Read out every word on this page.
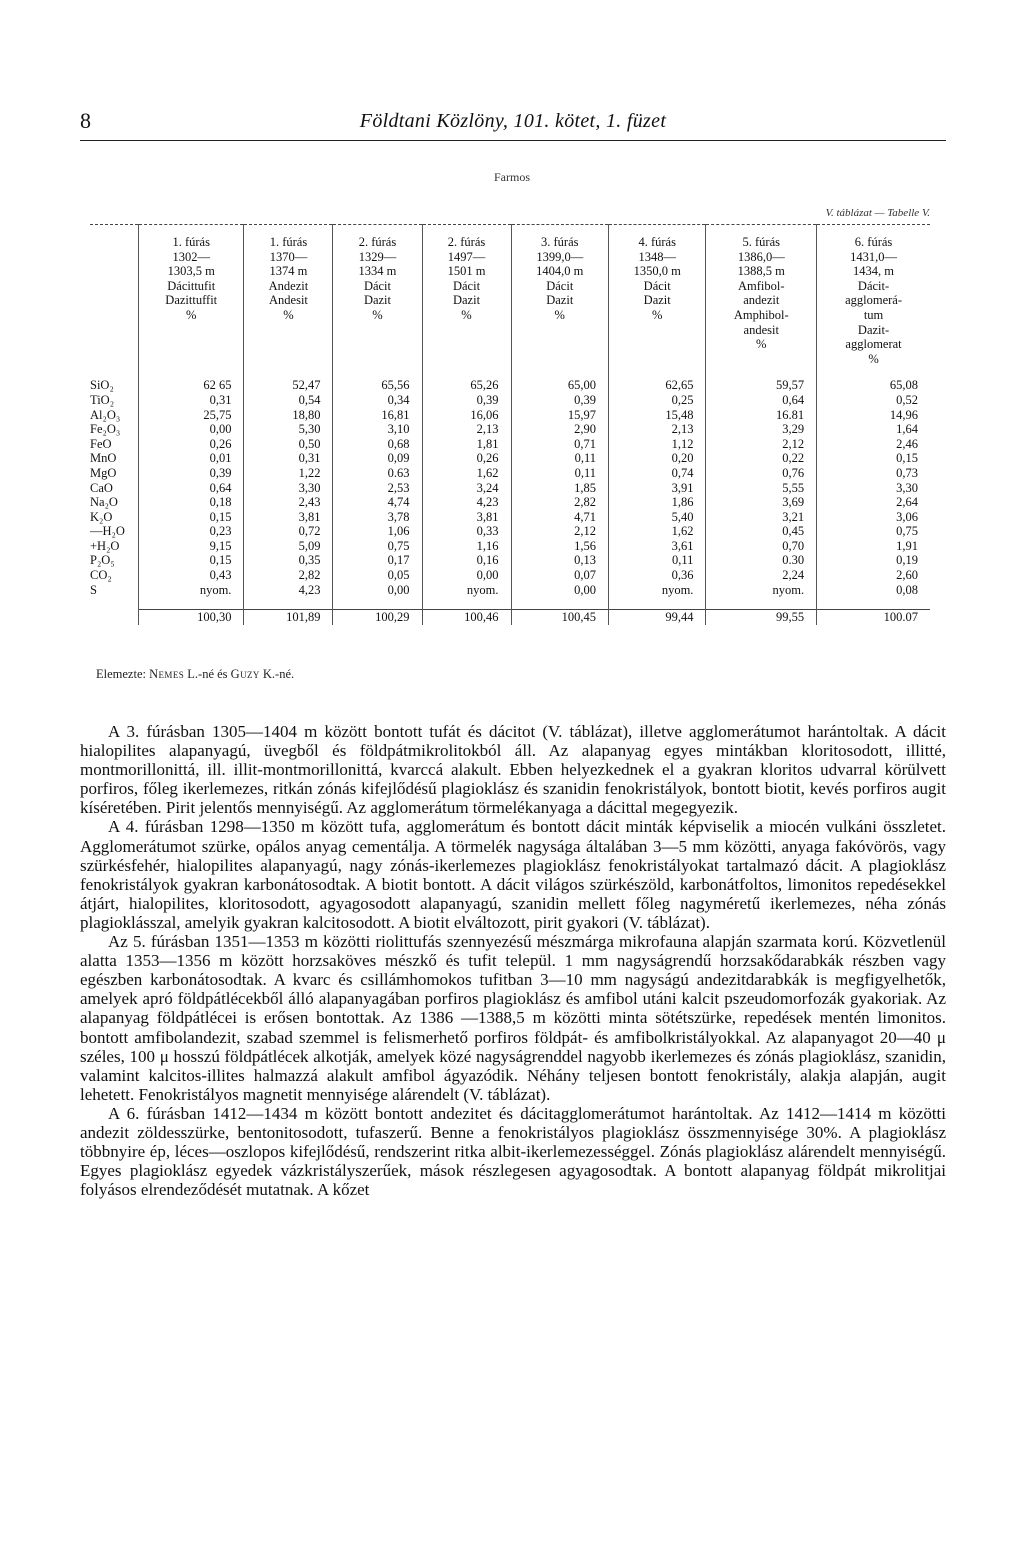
8	Földtani Közlöny, 101. kötet, 1. füzet
Farmos
V. táblázat — Tabelle V.

	1. fúrás	1. fúrás	2. fúrás	2. fúrás	3. fúrás	4. fúrás	5. fúrás	6. fúrás
	1302—	1370—	1329—	1497—	1399,0—	1348—	1386,0—	1431,0—
	1303,5 m	1374 m	1334 m	1501 m	1404,0 m	1350,0 m	1388,5 m	1434, m
	Dácittufit	Andezit	Dácit	Dácit	Dácit	Dácit	Amfibol-	Dácit-
	Dazittuffit	Andesit	Dazit	Dazit	Dazit	Dazit	andezit	agglomerá-
	%	%	%	%	%	%	Amphibol-	tum
							andesit	Dazit-
							%	agglomerat
								%

SiO₂	62 65	52,47	65,56	65,26	65,00	62,65	59,57	65,08
TiO₂	0,31	0,54	0,34	0,39	0,39	0,25	0,64	0,52
Al₂O₃	25,75	18,80	16,81	16,06	15,97	15,48	16.81	14,96
Fe₂O₃	0,00	5,30	3,10	2,13	2,90	2,13	3,29	1,64
FeO	0,26	0,50	0,68	1,81	0,71	1,12	2,12	2,46
MnO	0,01	0,31	0,09	0,26	0,11	0,20	0,22	0,15
MgO	0,39	1,22	0.63	1,62	0,11	0,74	0,76	0,73
CaO	0,64	3,30	2,53	3,24	1,85	3,91	5,55	3,30
Na₂O	0,18	2,43	4,74	4,23	2,82	1,86	3,69	2,64
K₂O	0,15	3,81	3,78	3,81	4,71	5,40	3,21	3,06
—H₂O	0,23	0,72	1,06	0,33	2,12	1,62	0,45	0,75
+H₂O	9,15	5,09	0,75	1,16	1,56	3,61	0,70	1,91
P₂O₅	0,15	0,35	0,17	0,16	0,13	0,11	0.30	0,19
CO₂	0,43	2,82	0,05	0,00	0,07	0,36	2,24	2,60
S	nyom.	4,23	0,00	nyom.	0,00	nyom.	nyom.	0,08

	100,30	101,89	100,29	100,46	100,45	99,44	99,55	100.07
Elemezte: Nemes L.-né és Guzy K.-né.

A 3. fúrásban 1305—1404 m között bontott tufát és dácitot (V. táblázat), illetve agglomerátumot harántoltak. A dácit hialopilites alapanyagú, üvegből és földpátmikrolitokból áll. Az alapanyag egyes mintákban kloritosodott, illitté, montmorillonittá, ill. illit-montmorillonittá, kvarccá alakult. Ebben helyezkednek el a gyakran kloritos udvarral körülvett porfiros, főleg ikerlemezes, ritkán zónás kifejlődésű plagioklász és szanidin fenokristályok, bontott biotit, kevés porfiros augit kíséretében. Pirit jelentős mennyiségű. Az agglomerátum törmelékanyaga a dácittal megegyezik.

A 4. fúrásban 1298—1350 m között tufa, agglomerátum és bontott dácit minták képviselik a miocén vulkáni összletet. Agglomerátumot szürke, opálos anyag cementálja. A törmelék nagysága általában 3—5 mm közötti, anyaga fakóvörös, vagy szürkésfehér, hialopilites alapanyagú, nagy zónás-ikerlemezes plagioklász fenokristályokat tartalmazó dácit. A plagioklász fenokristályok gyakran karbonátosodtak. A biotit bontott. A dácit világos szürkészöld, karbonátfoltos, limonitos repedésekkel átjárt, hialopilites, kloritosodott, agyagosodott alapanyagú, szanidin mellett főleg nagyméretű ikerlemezes, néha zónás plagioklásszal, amelyik gyakran kalcitosodott. A biotit elváltozott, pirit gyakori (V. táblázat).

Az 5. fúrásban 1351—1353 m közötti riolittufás szennyezésű mészmárga mikrofauna alapján szarmata korú. Közvetlenül alatta 1353—1356 m között horzsaköves mészkő és tufit települ. 1 mm nagyságrendű horzsakődarabkák részben vagy egészben karbonátosodtak. A kvarc és csillámhomokos tufitban 3—10 mm nagyságú andezitdarabkák is megfigyelhetők, amelyek apró földpátlécekből álló alapanyagában porfiros plagioklász és amfibol utáni kalcit pszeudomorfozák gyakoriak. Az alapanyag földpátlécei is erősen bontottak. Az 1386 —1388,5 m közötti minta sötétszürke, repedések mentén limonitos. bontott amfibolandezit, szabad szemmel is felismerhető porfiros földpát- és amfibolkristályokkal. Az alapanyagot 20—40 μ széles, 100 μ hosszú földpátlécek alkotják, amelyek közé nagyságrenddel nagyobb ikerlemezes és zónás plagioklász, szanidin, valamint kalcitos-illites halmazzá alakult amfibol ágyazódik. Néhány teljesen bontott fenokristály, alakja alapján, augit lehetett. Fenokristályos magnetit mennyisége alárendelt (V. táblázat).

A 6. fúrásban 1412—1434 m között bontott andezitet és dácitagglomerátumot harántoltak. Az 1412—1414 m közötti andezit zöldesszürke, bentonitosodott, tufaszerű. Benne a fenokristályos plagioklász összmennyisége 30%. A plagioklász többnyire ép, léces—oszlopos kifejlődésű, rendszerint ritka albit-ikerlemezességgel. Zónás plagioklász alárendelt mennyiségű. Egyes plagioklász egyedek vázkristályszerűek, mások részlegesen agyagosodtak. A bontott alapanyag földpát mikrolitjai folyásos elrendeződését mutatnak. A kőzet
